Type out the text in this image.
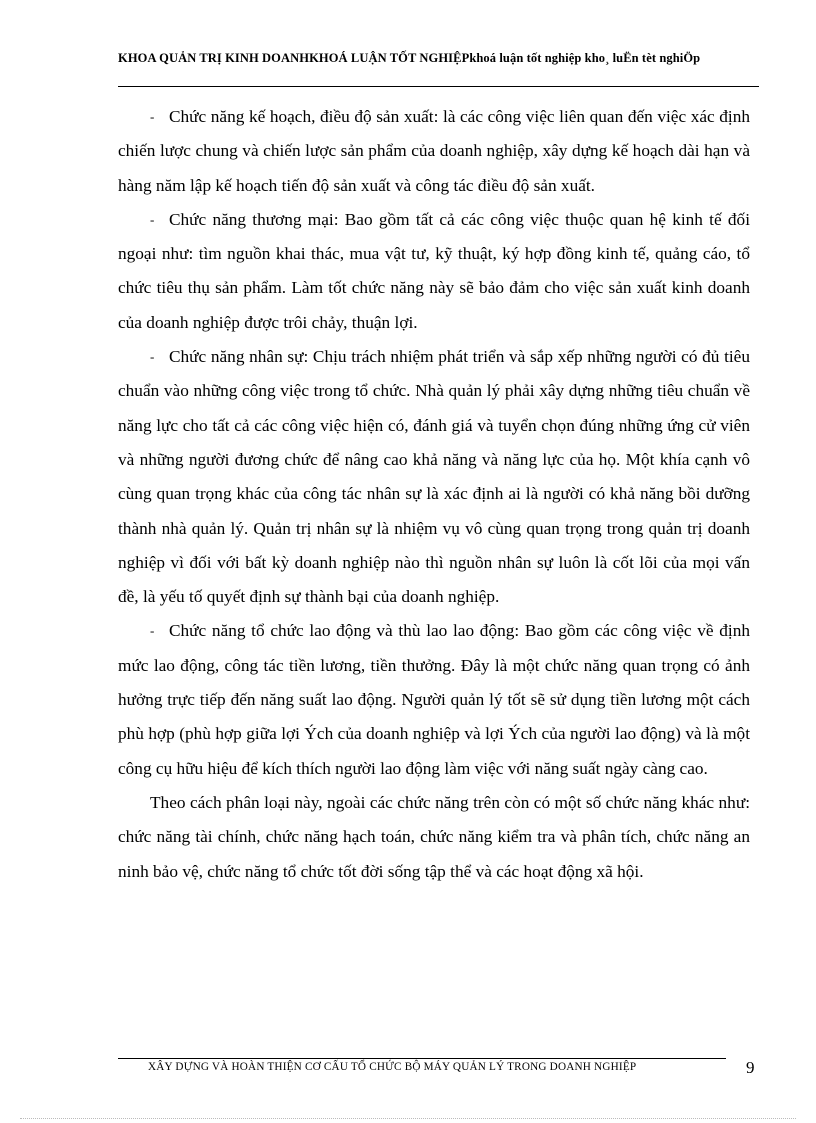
KHOA QUẢN TRỊ KINH DOANHKHOÁ LUẬN TỐT NGHIỆPkhoá luận tốt nghiệp kho¸ luËn tèt nghiÖp

- Chức năng kế hoạch, điều độ sản xuất: là các công việc liên quan đến việc xác định chiến lược chung và chiến lược sản phẩm của doanh nghiệp, xây dựng kế hoạch dài hạn và hàng năm lập kế hoạch tiến độ sản xuất và công tác điều độ sản xuất.

- Chức năng thương mại: Bao gồm tất cả các công việc thuộc quan hệ kinh tế đối ngoại như: tìm nguồn khai thác, mua vật tư, kỹ thuật, ký hợp đồng kinh tế, quảng cáo, tổ chức tiêu thụ sản phẩm. Làm tốt chức năng này sẽ bảo đảm cho việc sản xuất kinh doanh của doanh nghiệp được trôi chảy, thuận lợi.

- Chức năng nhân sự: Chịu trách nhiệm phát triển và sắp xếp những người có đủ tiêu chuẩn vào những công việc trong tổ chức. Nhà quản lý phải xây dựng những tiêu chuẩn về năng lực cho tất cả các công việc hiện có, đánh giá và tuyển chọn đúng những ứng cử viên và những người đương chức để nâng cao khả năng và năng lực của họ. Một khía cạnh vô cùng quan trọng khác của công tác nhân sự là xác định ai là người có khả năng bồi dưỡng thành nhà quản lý. Quản trị nhân sự là nhiệm vụ vô cùng quan trọng trong quản trị doanh nghiệp vì đối với bất kỳ doanh nghiệp nào thì nguồn nhân sự luôn là cốt lõi của mọi vấn đề, là yếu tố quyết định sự thành bại của doanh nghiệp.

- Chức năng tổ chức lao động và thù lao lao động: Bao gồm các công việc về định mức lao động, công tác tiền lương, tiền thưởng. Đây là một chức năng quan trọng có ảnh hưởng trực tiếp đến năng suất lao động. Người quản lý tốt sẽ sử dụng tiền lương một cách phù hợp (phù hợp giữa lợi Ých của doanh nghiệp và lợi Ých của người lao động) và là một công cụ hữu hiệu để kích thích người lao động làm việc với năng suất ngày càng cao.

Theo cách phân loại này, ngoài các chức năng trên còn có một số chức năng khác như: chức năng tài chính, chức năng hạch toán, chức năng kiểm tra và phân tích, chức năng an ninh bảo vệ, chức năng tổ chức tốt đời sống tập thể và các hoạt động xã hội.

XÂY DỰNG VÀ HOÀN THIỆN CƠ CẤU TỔ CHỨC BỘ MÁY QUẢN LÝ TRONG DOANH NGHIỆP	9
